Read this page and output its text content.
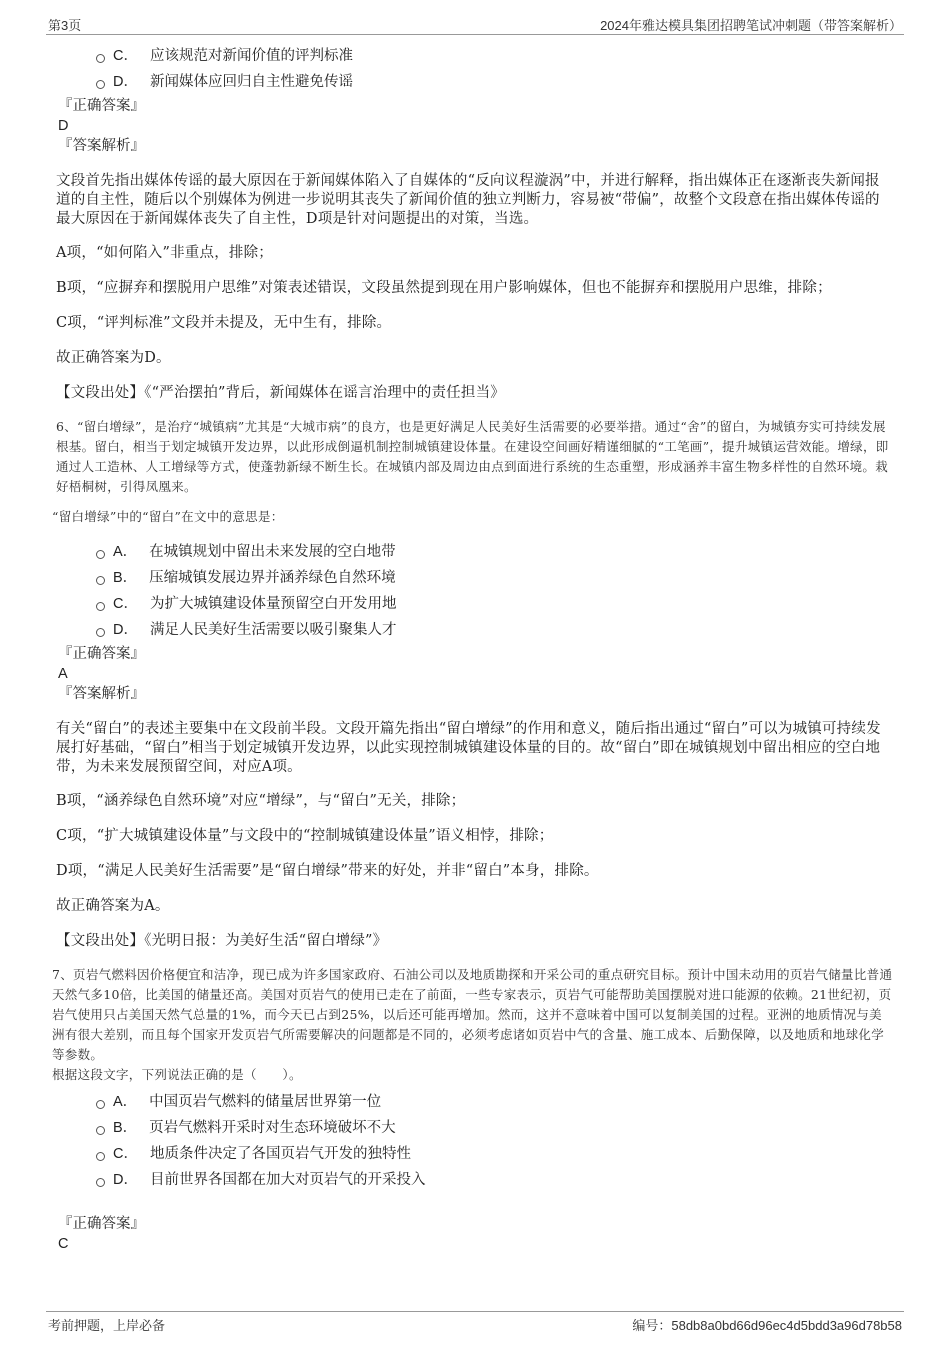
第3页	2024年雅达模具集团招聘笔试冲刺题（带答案解析）
C． 应该规范对新闻价值的评判标准
D． 新闻媒体应回归自主性避免传谣
『正确答案』
D
『答案解析』

文段首先指出媒体传谣的最大原因在于新闻媒体陷入了自媒体的“反向议程漩涡”中，并进行解释，指出媒体正在逐渐丧失新闻报道的自主性，随后以个别媒体为例进一步说明其丧失了新闻价值的独立判断力，容易被“带偏”，故整个文段意在指出媒体传谣的最大原因在于新闻媒体丧失了自主性，D项是针对问题提出的对策，当选。

A项，“如何陷入”非重点，排除；

B项，“应摒弃和摆脱用户思维”对策表述错误，文段虽然提到现在用户影响媒体，但也不能摒弃和摆脱用户思维，排除；

C项，“评判标准”文段并未提及，无中生有，排除。

故正确答案为D。

【文段出处】《“严治摆拍”背后，新闻媒体在谣言治理中的责任担当》

6、“留白增绿”，是治疗“城镇病”尤其是“大城市病”的良方，也是更好满足人民美好生活需要的必要举措。通过“舍”的留白，为城镇夯实可持续发展根基。留白，相当于划定城镇开发边界，以此形成倒逼机制控制城镇建设体量。在建设空间画好精谨细腻的“工笔画”，提升城镇运营效能。增绿，即通过人工造林、人工增绿等方式，使蓬勃新绿不断生长。在城镇内部及周边由点到面进行系统的生态重塑，形成涵养丰富生物多样性的自然环境。栽好梧桐树，引得凤凰来。

“留白增绿”中的“留白”在文中的意思是：

A． 在城镇规划中留出未来发展的空白地带
B． 压缩城镇发展边界并涵养绿色自然环境
C． 为扩大城镇建设体量预留空白开发用地
D． 满足人民美好生活需要以吸引聚集人才
『正确答案』
A
『答案解析』

有关“留白”的表述主要集中在文段前半段。文段开篇先指出“留白增绿”的作用和意义，随后指出通过“留白”可以为城镇可持续发展打好基础，“留白”相当于划定城镇开发边界，以此实现控制城镇建设体量的目的。故“留白”即在城镇规划中留出相应的空白地带，为未来发展预留空间，对应A项。

B项，“涵养绿色自然环境”对应“增绿”，与“留白”无关，排除；

C项，“扩大城镇建设体量”与文段中的“控制城镇建设体量”语义相悖，排除；

D项，“满足人民美好生活需要”是“留白增绿”带来的好处，并非“留白”本身，排除。

故正确答案为A。

【文段出处】《光明日报：为美好生活“留白增绿”》

7、页岩气燃料因价格便宜和洁净，现已成为许多国家政府、石油公司以及地质勘探和开采公司的重点研究目标。预计中国未动用的页岩气储量比普通天然气多10倍，比美国的储量还高。美国对页岩气的使用已走在了前面，一些专家表示，页岩气可能帮助美国摆脱对进口能源的依赖。21世纪初，页岩气使用只占美国天然气总量的1%，而今天已占到25%，以后还可能再增加。然而，这并不意味着中国可以复制美国的过程。亚洲的地质情况与美洲有很大差别，而且每个国家开发页岩气所需要解决的问题都是不同的，必须考虑诸如页岩中气的含量、施工成本、后勤保障，以及地质和地球化学等参数。

根据这段文字，下列说法正确的是（　　）。

A． 中国页岩气燃料的储量居世界第一位
B． 页岩气燃料开采时对生态环境破坏不大
C． 地质条件决定了各国页岩气开发的独特性
D． 目前世界各国都在加大对页岩气的开采投入
『正确答案』
C
考前押题，上岸必备	编号：58db8a0bd66d96ec4d5bdd3a96d78b58
